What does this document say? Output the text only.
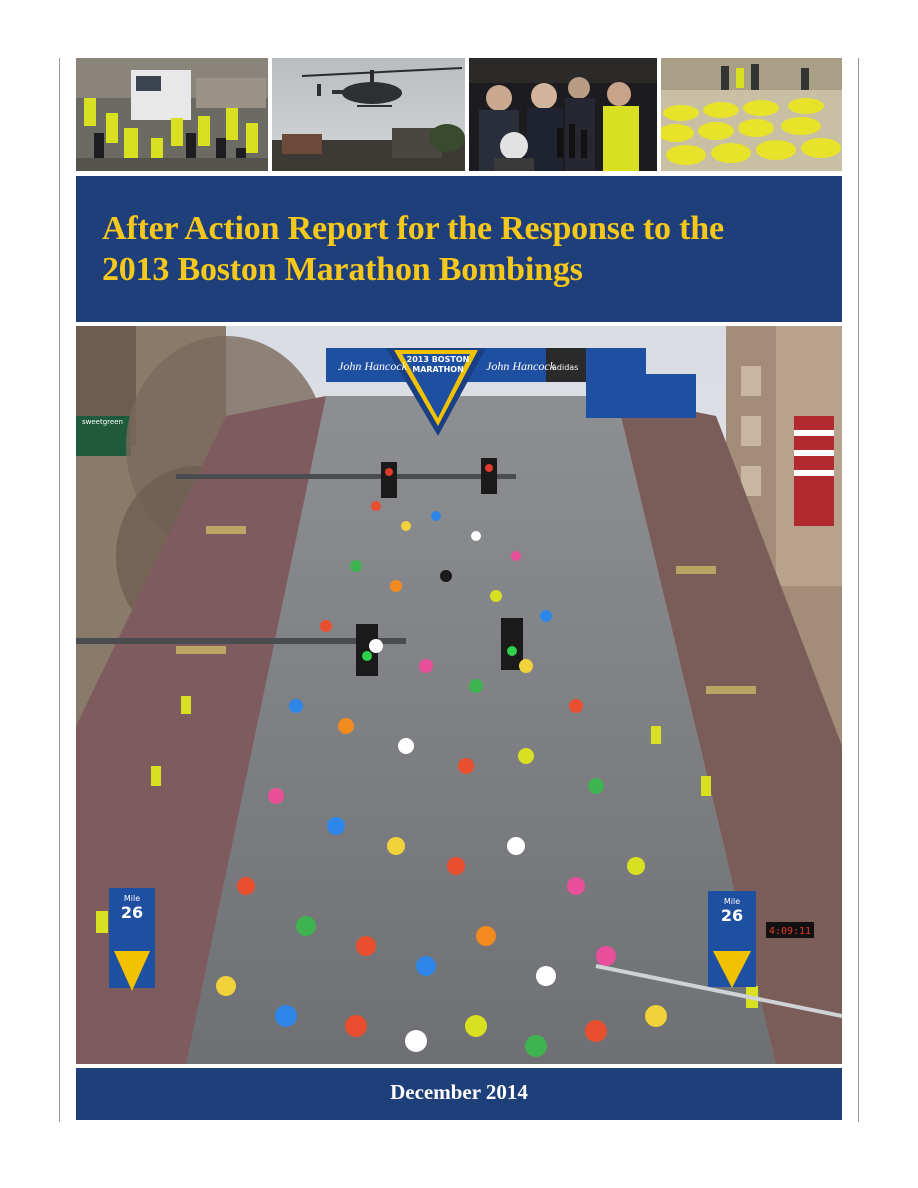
After Action Report for the Response to the
2013 Boston Marathon Bombings
sweetgreen
John Hancock	John Hancock
adidas
2013 BOSTON
MARATHON
Mile
26
Mile
26
4:09:11

December 2014
